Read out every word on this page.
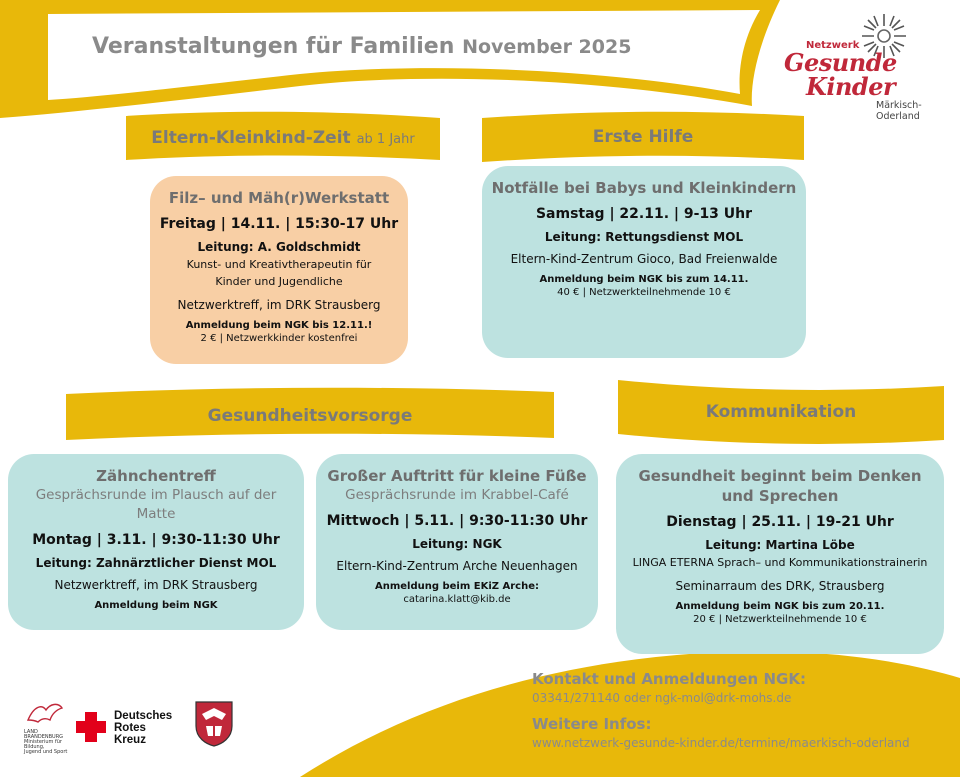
Veranstaltungen für Familien November 2025	Netzwerk
Gesunde
Kinder
Märkisch-
Oderland
Eltern-Kleinkind-Zeit ab 1 Jahr	Erste Hilfe
Gesundheitsvorsorge	Kommunikation
Filz– und Mäh(r)Werkstatt
Freitag | 14.11. | 15:30-17 Uhr
Leitung: A. Goldschmidt
Kunst- und Kreativtherapeutin für
Kinder und Jugendliche
Netzwerktreff, im DRK Strausberg
Anmeldung beim NGK bis 12.11.!
2 € | Netzwerkkinder kostenfrei
Notfälle bei Babys und Kleinkindern
Samstag | 22.11. | 9-13 Uhr
Leitung: Rettungsdienst MOL
Eltern-Kind-Zentrum Gioco, Bad Freienwalde
Anmeldung beim NGK bis zum 14.11.
40 € | Netzwerkteilnehmende 10 €
Zähnchentreff
Gesprächsrunde im Plausch auf der
Matte
Montag | 3.11. | 9:30-11:30 Uhr
Leitung: Zahnärztlicher Dienst MOL
Netzwerktreff, im DRK Strausberg
Anmeldung beim NGK
Großer Auftritt für kleine Füße
Gesprächsrunde im Krabbel-Café
Mittwoch | 5.11. | 9:30-11:30 Uhr
Leitung: NGK
Eltern-Kind-Zentrum Arche Neuenhagen
Anmeldung beim EKiZ Arche:
catarina.klatt@kib.de
Gesundheit beginnt beim Denken
und Sprechen
Dienstag | 25.11. | 19-21 Uhr
Leitung: Martina Löbe
LINGA ETERNA Sprach– und Kommunikationstrainerin
Seminarraum des DRK, Strausberg
Anmeldung beim NGK bis zum 20.11.
20 € | Netzwerkteilnehmende 10 €
Kontakt und Anmeldungen NGK:
03341/271140 oder ngk-mol@drk-mohs.de
Weitere Infos:
www.netzwerk-gesunde-kinder.de/termine/maerkisch-oderland
LAND
BRANDENBURG
Ministerium für Bildung,
Jugend und Sport
Deutsches
Rotes
Kreuz
